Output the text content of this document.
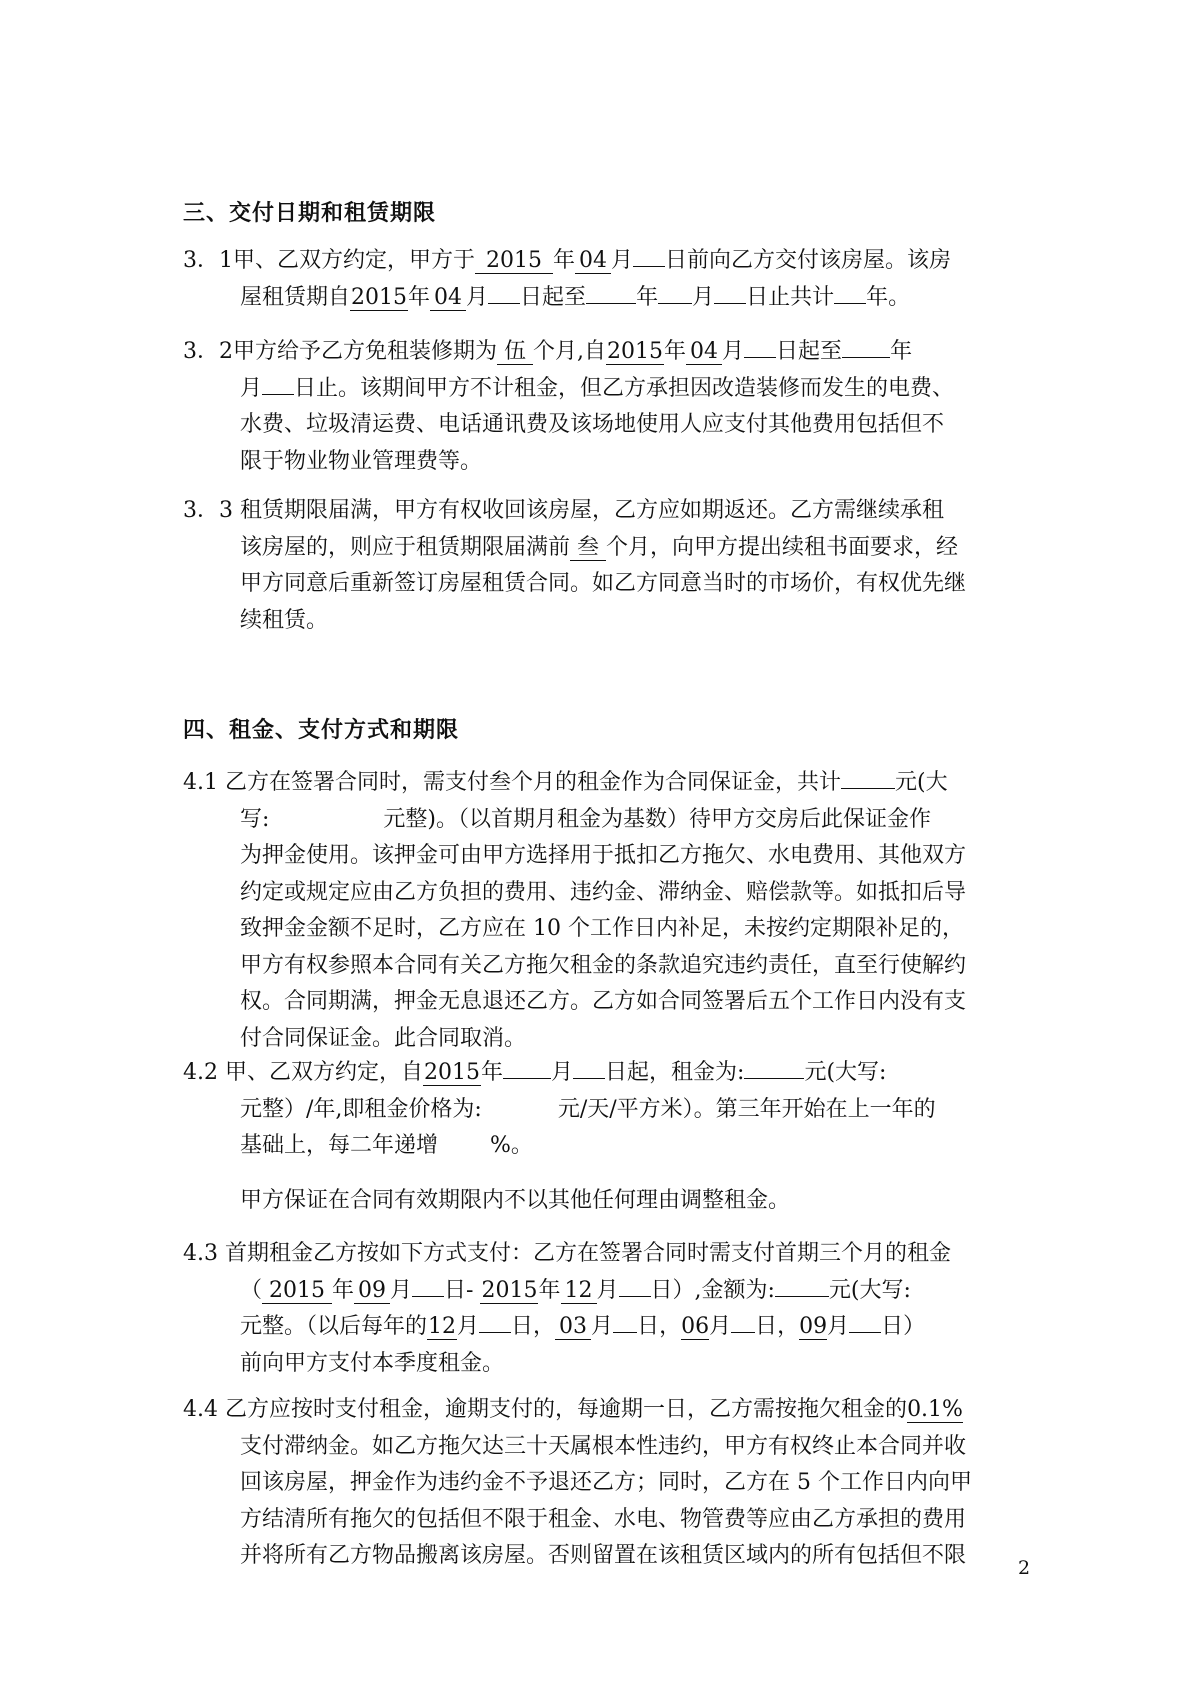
三、交付日期和租赁期限
3．1甲、乙双方约定，甲方于 2015 年 04 月 日前向乙方交付该房屋。该房
屋租赁期自2015年 04 月 日起至 年 月 日止共计 年。
3．2甲方给予乙方免租装修期为 伍 个月,自2015年 04 月 日起至 年
月 日止。该期间甲方不计租金，但乙方承担因改造装修而发生的电费、
水费、垃圾清运费、电话通讯费及该场地使用人应支付其他费用包括但不
限于物业物业管理费等。
3．3 租赁期限届满，甲方有权收回该房屋，乙方应如期返还。乙方需继续承租
该房屋的，则应于租赁期限届满前 叁 个月，向甲方提出续租书面要求，经
甲方同意后重新签订房屋租赁合同。如乙方同意当时的市场价，有权优先继
续租赁。
四、租金、支付方式和期限
4.1 乙方在签署合同时，需支付叁个月的租金作为合同保证金，共计 元(大
写:	元整)。（以首期月租金为基数）待甲方交房后此保证金作
为押金使用。该押金可由甲方选择用于抵扣乙方拖欠、水电费用、其他双方
约定或规定应由乙方负担的费用、违约金、滞纳金、赔偿款等。如抵扣后导
致押金金额不足时，乙方应在 10 个工作日内补足，未按约定期限补足的，
甲方有权参照本合同有关乙方拖欠租金的条款追究违约责任，直至行使解约
权。合同期满，押金无息退还乙方。乙方如合同签署后五个工作日内没有支
付合同保证金。此合同取消。
4.2 甲、乙双方约定，自2015年 月 日起，租金为:	元(大写:
元整）/年,即租金价格为:	元/天/平方米）。第三年开始在上一年的
基础上，每二年递增 %。
甲方保证在合同有效期限内不以其他任何理由调整租金。
4.3 首期租金乙方按如下方式支付：乙方在签署合同时需支付首期三个月的租金
（ 2015 年 09 月 日- 2015年 12 月 日）,金额为: 元(大写:
元整。（以后每年的12月 日， 03 月 日，06月 日，09月 日）
前向甲方支付本季度租金。
4.4 乙方应按时支付租金，逾期支付的，每逾期一日，乙方需按拖欠租金的0.1%
支付滞纳金。如乙方拖欠达三十天属根本性违约，甲方有权终止本合同并收
回该房屋，押金作为违约金不予退还乙方；同时，乙方在 5 个工作日内向甲
方结清所有拖欠的包括但不限于租金、水电、物管费等应由乙方承担的费用
并将所有乙方物品搬离该房屋。否则留置在该租赁区域内的所有包括但不限	2
